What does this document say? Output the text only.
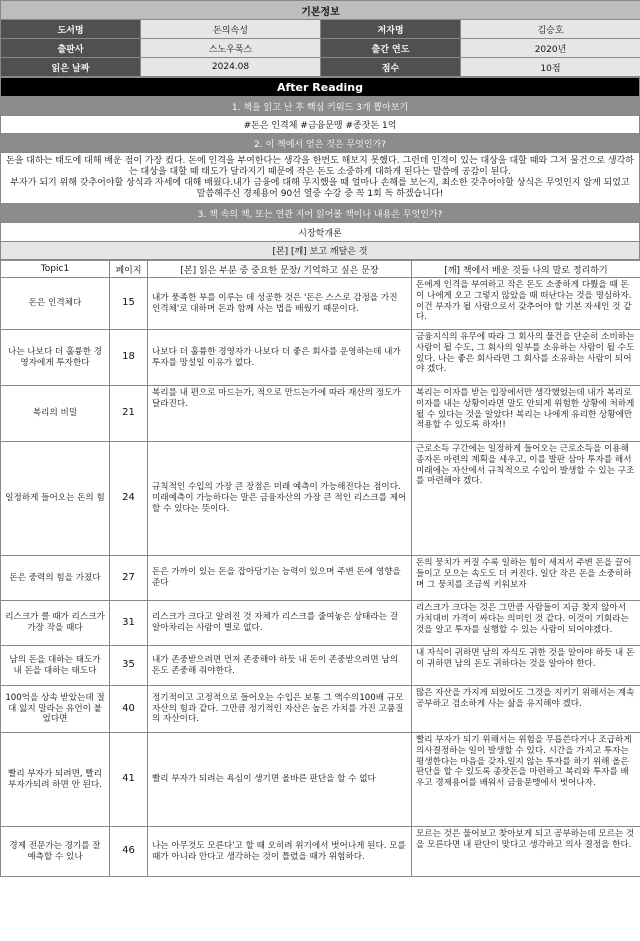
기본정보			
도서명	돈의속성	저자명	김승호
출판사	스노우폭스	출간 연도	2020년
읽은 날짜	2024.08	점수	10점
After Reading
1. 책을 읽고 난 후 핵심 키워드 3개 뽑아보기
#돈은 인격체 #금융문맹 #종잣돈 1억
2. 이 책에서 얻은 것은 무엇인가?

돈을 대하는 태도에 대해 배운 점이 가장 컸다. 돈에 인격을 부여한다는 생각을 한번도 해보지 못했다. 그런데 인격이 있는 대상을 대할 때와 그저 물건으로 생각하는 대상을 대할 때 태도가 달라지기 때문에 작은 돈도 소중하게 대하게 된다는 말씀에 공감이 된다.
부자가 되기 위해 갖추어야할 상식과 자세에 대해 배웠다.내가 금융에 대해 무지했을 때 얼마나 손해를 보는지, 최소한 갖추어야할 상식은 무엇인지 알게 되었고 말씀해주신 경제용어 90선 열중 수강 중 꼭 1회 독 하겠습니다!

3. 책 속의 책, 또는 연관 지어 읽어볼 책이나 내용은 무엇인가?
시장학개론
[본] [깨] 보고 깨달은 것
Topic1	페이지	[본] 읽은 부분 중 중요한 문장/ 기억하고 싶은 문장	[깨] 책에서 배운 것들 나의 말로 정리하기
돈은 인격체다	15	내가 풍족한 부를 이루는 데 성공한 것은 '돈은 스스로 감정을 가진 인격체'로 대하며 돈과 함께 사는 법을 배웠기 때문이다.	돈에게 인격을 부여하고 작은 돈도 소중하게 다뤘을 때 돈이 나에게 오고 그렇지 않았을 때 떠난다는 것을 명심하자. 이건 부자가 될 사람으로서 갖추어야 할 기본 자세인 것 같다.
나는 나보다 더 훌륭한 경영자에게 투자한다	18	나보다 더 훌륭한 경영자가 나보다 더 좋은 회사를 운영하는데 내가 투자를 망설일 이유가 없다.	금융지식의 유무에 따라 그 회사의 물건을 단순히 소비하는 사람이 될 수도, 그 회사의 일부를 소유하는 사람이 될 수도 있다. 나는 좋은 회사라면 그 회사를 소유하는 사람이 되어야 겠다.
복리의 비밀	21	복리를 내 편으로 마드는가, 적으로 만드는가에 따라 재산의 정도가 달라진다.	복리는 이자를 받는 입장에서만 생각했었는데 내가 복리로 이자를 내는 상황이라면 말도 안되게 위험한 상황에 처하게 될 수 있다는 것을 알았다! 복리는 나에게 유리한 상황에만 적용할 수 있도록 하자!!
일정하게 들어오는 돈의 힘	24	규칙적인 수입의 가장 큰 장점은 미래 예측이 가능해진다는 점이다. 미래예측이 가능하다는 말은 금융자산의 가장 큰 적인 리스크를 제어할 수 있다는 뜻이다.	근로소득 구간에는 일정하게 들어오는 근로소득을 이용해 종자돈 마련의 계획을 세우고, 이를 발판 삼아 투자를 해서 미래에는 자산에서 규칙적으로 수입이 발생할 수 있는 구조를 마련해야 겠다.
돈은 중력의 힘을 가졌다	27	돈은 가까이 있는 돈을 잡아당기는 능력이 있으며 주변 돈에 영향을 준다	돈의 뭉치가 커질 수록 일하는 힘이 세져서 주변 돈을 끌어들이고 모으는 속도도 더 커진다. 일단 작은 돈을 소중히하며 그 뭉치를 조금씩 키워보자
리스크가 클 때가 리스크가 가장 작을 때다	31	리스크가 크다고 알려진 것 자체가 리스크를 줄여놓은 상태라는 걸 알아차리는 사람이 별로 없다.	리스크가 크다는 것은 그만큼 사람들이 지금 찾지 않아서 가치대비 가격이 싸다는 의미인 것 같다. 이것이 기회라는 것을 알고 투자를 실행할 수 있는 사람이 되어야겠다.
남의 돈을 대하는 태도가 내 돈을 대하는 태도다	35	내가 존중받으려면 먼저 존중해야 하듯 내 돈이 존중받으려면 남의 돈도 존중해 줘야한다.	내 자식이 귀하면 남의 자식도 귀한 것을 알아야 하듯 내 돈이 귀하면 남의 돈도 귀하다는 것을 알아야 한다.
100억을 상속 받았는데 절대 잃지 말라는 유언이 붙었다면	40	정기적이고 고정적으로 들어오는 수입은 보통 그 액수의100배 규모 자산의 힘과 같다. 그만큼 정기적인 자산은 높은 가치를 가진 고품질의 자산이다.	많은 자산을 가지게 되었어도 그것을 지키기 위해서는 계속 공부하고 검소하게 사는 삶을 유지해야 겠다.
빨리 부자가 되려면, 빨리 부자가되려 하면 안 된다.	41	빨리 부자가 되려는 욕심이 생기면 올바른 판단을 할 수 없다	빨리 부자가 되기 위해서는 위험을 무릅쓴다거나 조급하게 의사결정하는 일이 발생할 수 있다. 시간을 가지고 투자는 평생한다는 마음을 갖자.일지 않는 투자를 하기 위해 올은 판단을 할 수 있도록 종잣돈을 마련하고 복리와 투자를 배우고 경제용어를 배워서 금융문맹에서 벗어나자.
경제 전문가는 경기를 잘 예측할 수 있나	46	나는 아무것도 모른다'고 할 때 오히려 위기에서 벗어나게 된다. 모를 때가 아니라 안다고 생각하는 것이 틀렸을 때가 위험하다.	모르는 것은 물어보고 찾아보게 되고 공부하는데 모르는 것을 모른다면 내 판단이 맞다고 생각하고 의사 결정을 한다.
